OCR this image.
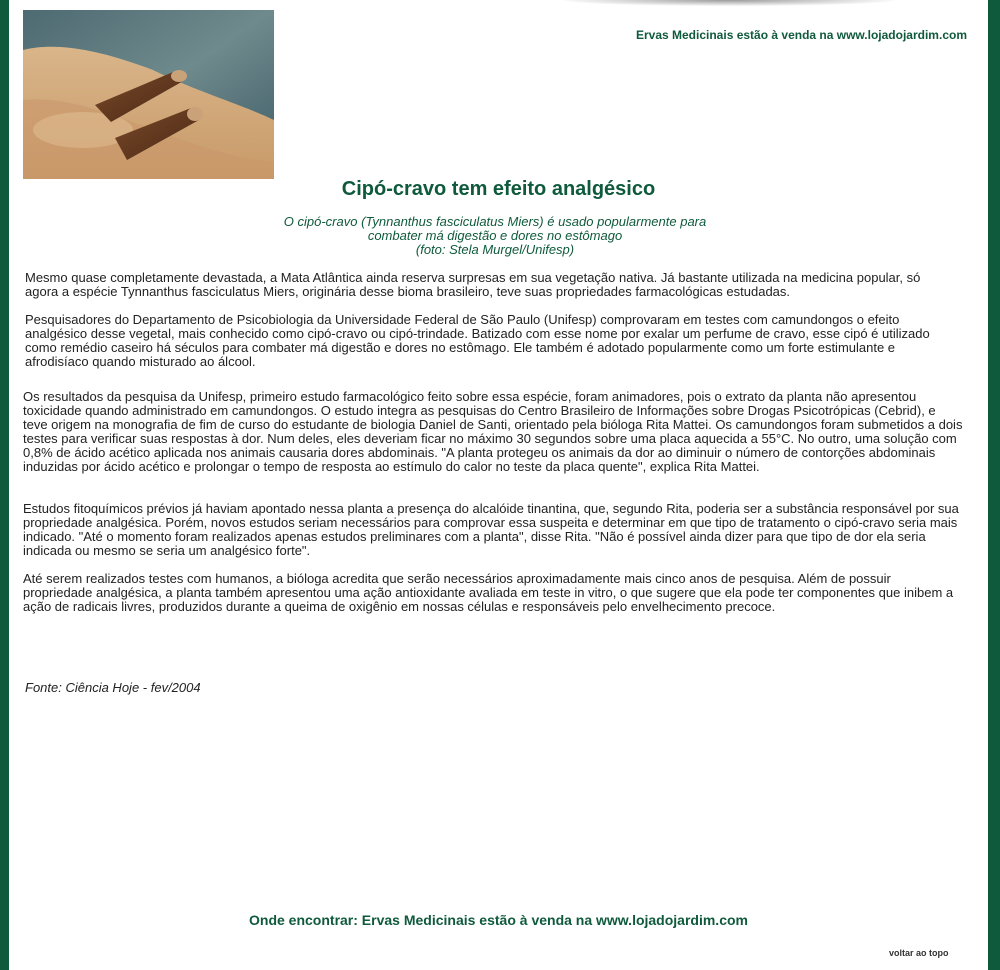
Ervas Medicinais estão à venda na www.lojadojardim.com

Cipó-cravo tem efeito analgésico

O cipó-cravo (Tynnanthus fasciculatus Miers) é usado popularmente para
combater má digestão e dores no estômago
(foto: Stela Murgel/Unifesp)

Mesmo quase completamente devastada, a Mata Atlântica ainda reserva surpresas em sua vegetação nativa. Já bastante utilizada na medicina popular, só agora a espécie Tynnanthus fasciculatus Miers, originária desse bioma brasileiro, teve suas propriedades farmacológicas estudadas.

Pesquisadores do Departamento de Psicobiologia da Universidade Federal de São Paulo (Unifesp) comprovaram em testes com camundongos o efeito analgésico desse vegetal, mais conhecido como cipó-cravo ou cipó-trindade. Batizado com esse nome por exalar um perfume de cravo, esse cipó é utilizado como remédio caseiro há séculos para combater má digestão e dores no estômago. Ele também é adotado popularmente como um forte estimulante e afrodisíaco quando misturado ao álcool.

Os resultados da pesquisa da Unifesp, primeiro estudo farmacológico feito sobre essa espécie, foram animadores, pois o extrato da planta não apresentou toxicidade quando administrado em camundongos. O estudo integra as pesquisas do Centro Brasileiro de Informações sobre Drogas Psicotrópicas (Cebrid), e teve origem na monografia de fim de curso do estudante de biologia Daniel de Santi, orientado pela bióloga Rita Mattei. Os camundongos foram submetidos a dois testes para verificar suas respostas à dor. Num deles, eles deveriam ficar no máximo 30 segundos sobre uma placa aquecida a 55°C. No outro, uma solução com 0,8% de ácido acético aplicada nos animais causaria dores abdominais. "A planta protegeu os animais da dor ao diminuir o número de contorções abdominais induzidas por ácido acético e prolongar o tempo de resposta ao estímulo do calor no teste da placa quente", explica Rita Mattei.

Estudos fitoquímicos prévios já haviam apontado nessa planta a presença do alcalóide tinantina, que, segundo Rita, poderia ser a substância responsável por sua propriedade analgésica. Porém, novos estudos seriam necessários para comprovar essa suspeita e determinar em que tipo de tratamento o cipó-cravo seria mais indicado. "Até o momento foram realizados apenas estudos preliminares com a planta", disse Rita. "Não é possível ainda dizer para que tipo de dor ela seria indicada ou mesmo se seria um analgésico forte".

Até serem realizados testes com humanos, a bióloga acredita que serão necessários aproximadamente mais cinco anos de pesquisa. Além de possuir propriedade analgésica, a planta também apresentou uma ação antioxidante avaliada em teste in vitro, o que sugere que ela pode ter componentes que inibem a ação de radicais livres, produzidos durante a queima de oxigênio em nossas células e responsáveis pelo envelhecimento precoce.

Fonte: Ciência Hoje - fev/2004

Onde encontrar: Ervas Medicinais estão à venda na www.lojadojardim.com

voltar ao topo
